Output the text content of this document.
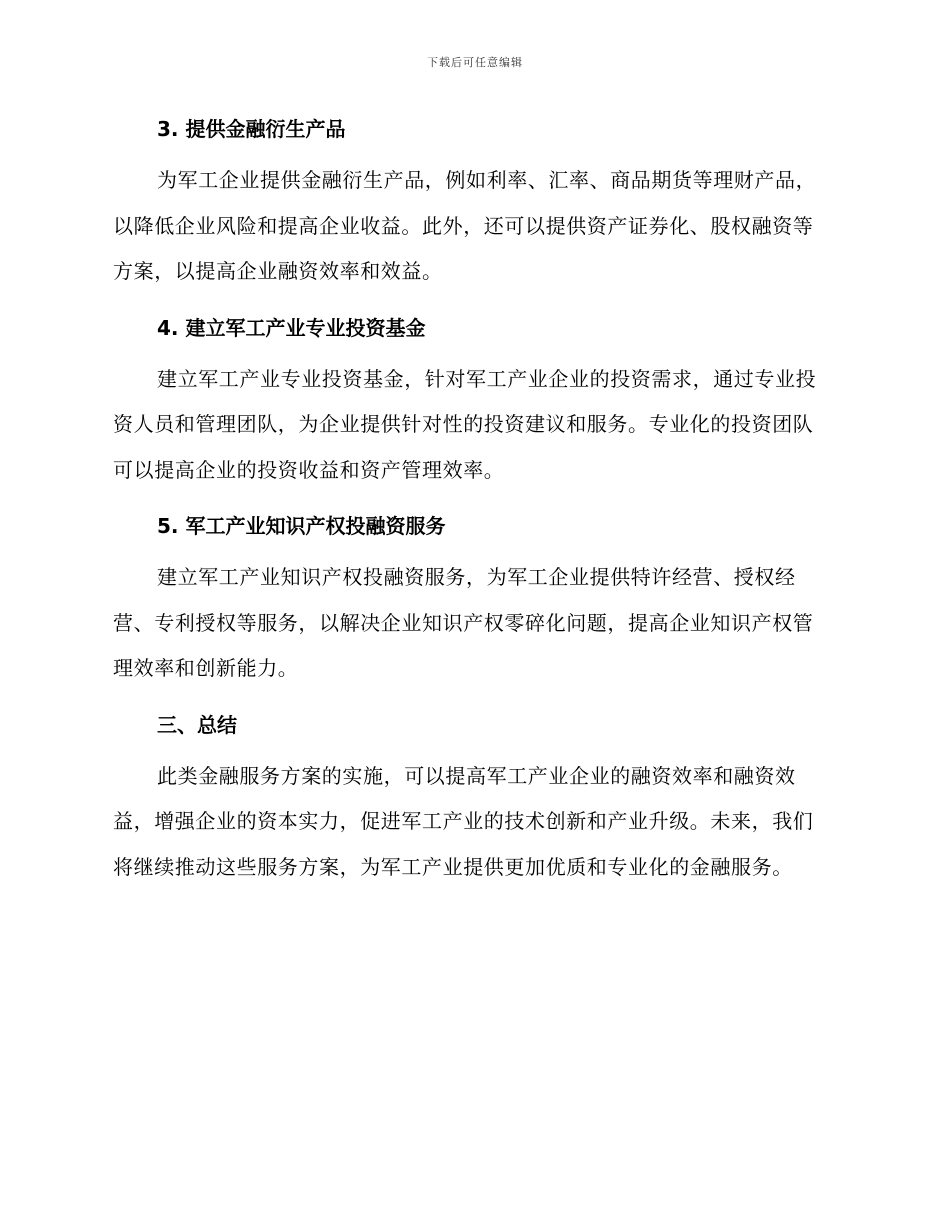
下载后可任意编辑
3. 提供金融衍生产品

为军工企业提供金融衍生产品，例如利率、汇率、商品期货等理财产品，以降低企业风险和提高企业收益。此外，还可以提供资产证券化、股权融资等方案，以提高企业融资效率和效益。

4. 建立军工产业专业投资基金

建立军工产业专业投资基金，针对军工产业企业的投资需求，通过专业投资人员和管理团队，为企业提供针对性的投资建议和服务。专业化的投资团队可以提高企业的投资收益和资产管理效率。

5. 军工产业知识产权投融资服务

建立军工产业知识产权投融资服务，为军工企业提供特许经营、授权经营、专利授权等服务，以解决企业知识产权零碎化问题，提高企业知识产权管理效率和创新能力。

三、总结

此类金融服务方案的实施，可以提高军工产业企业的融资效率和融资效益，增强企业的资本实力，促进军工产业的技术创新和产业升级。未来，我们将继续推动这些服务方案，为军工产业提供更加优质和专业化的金融服务。
